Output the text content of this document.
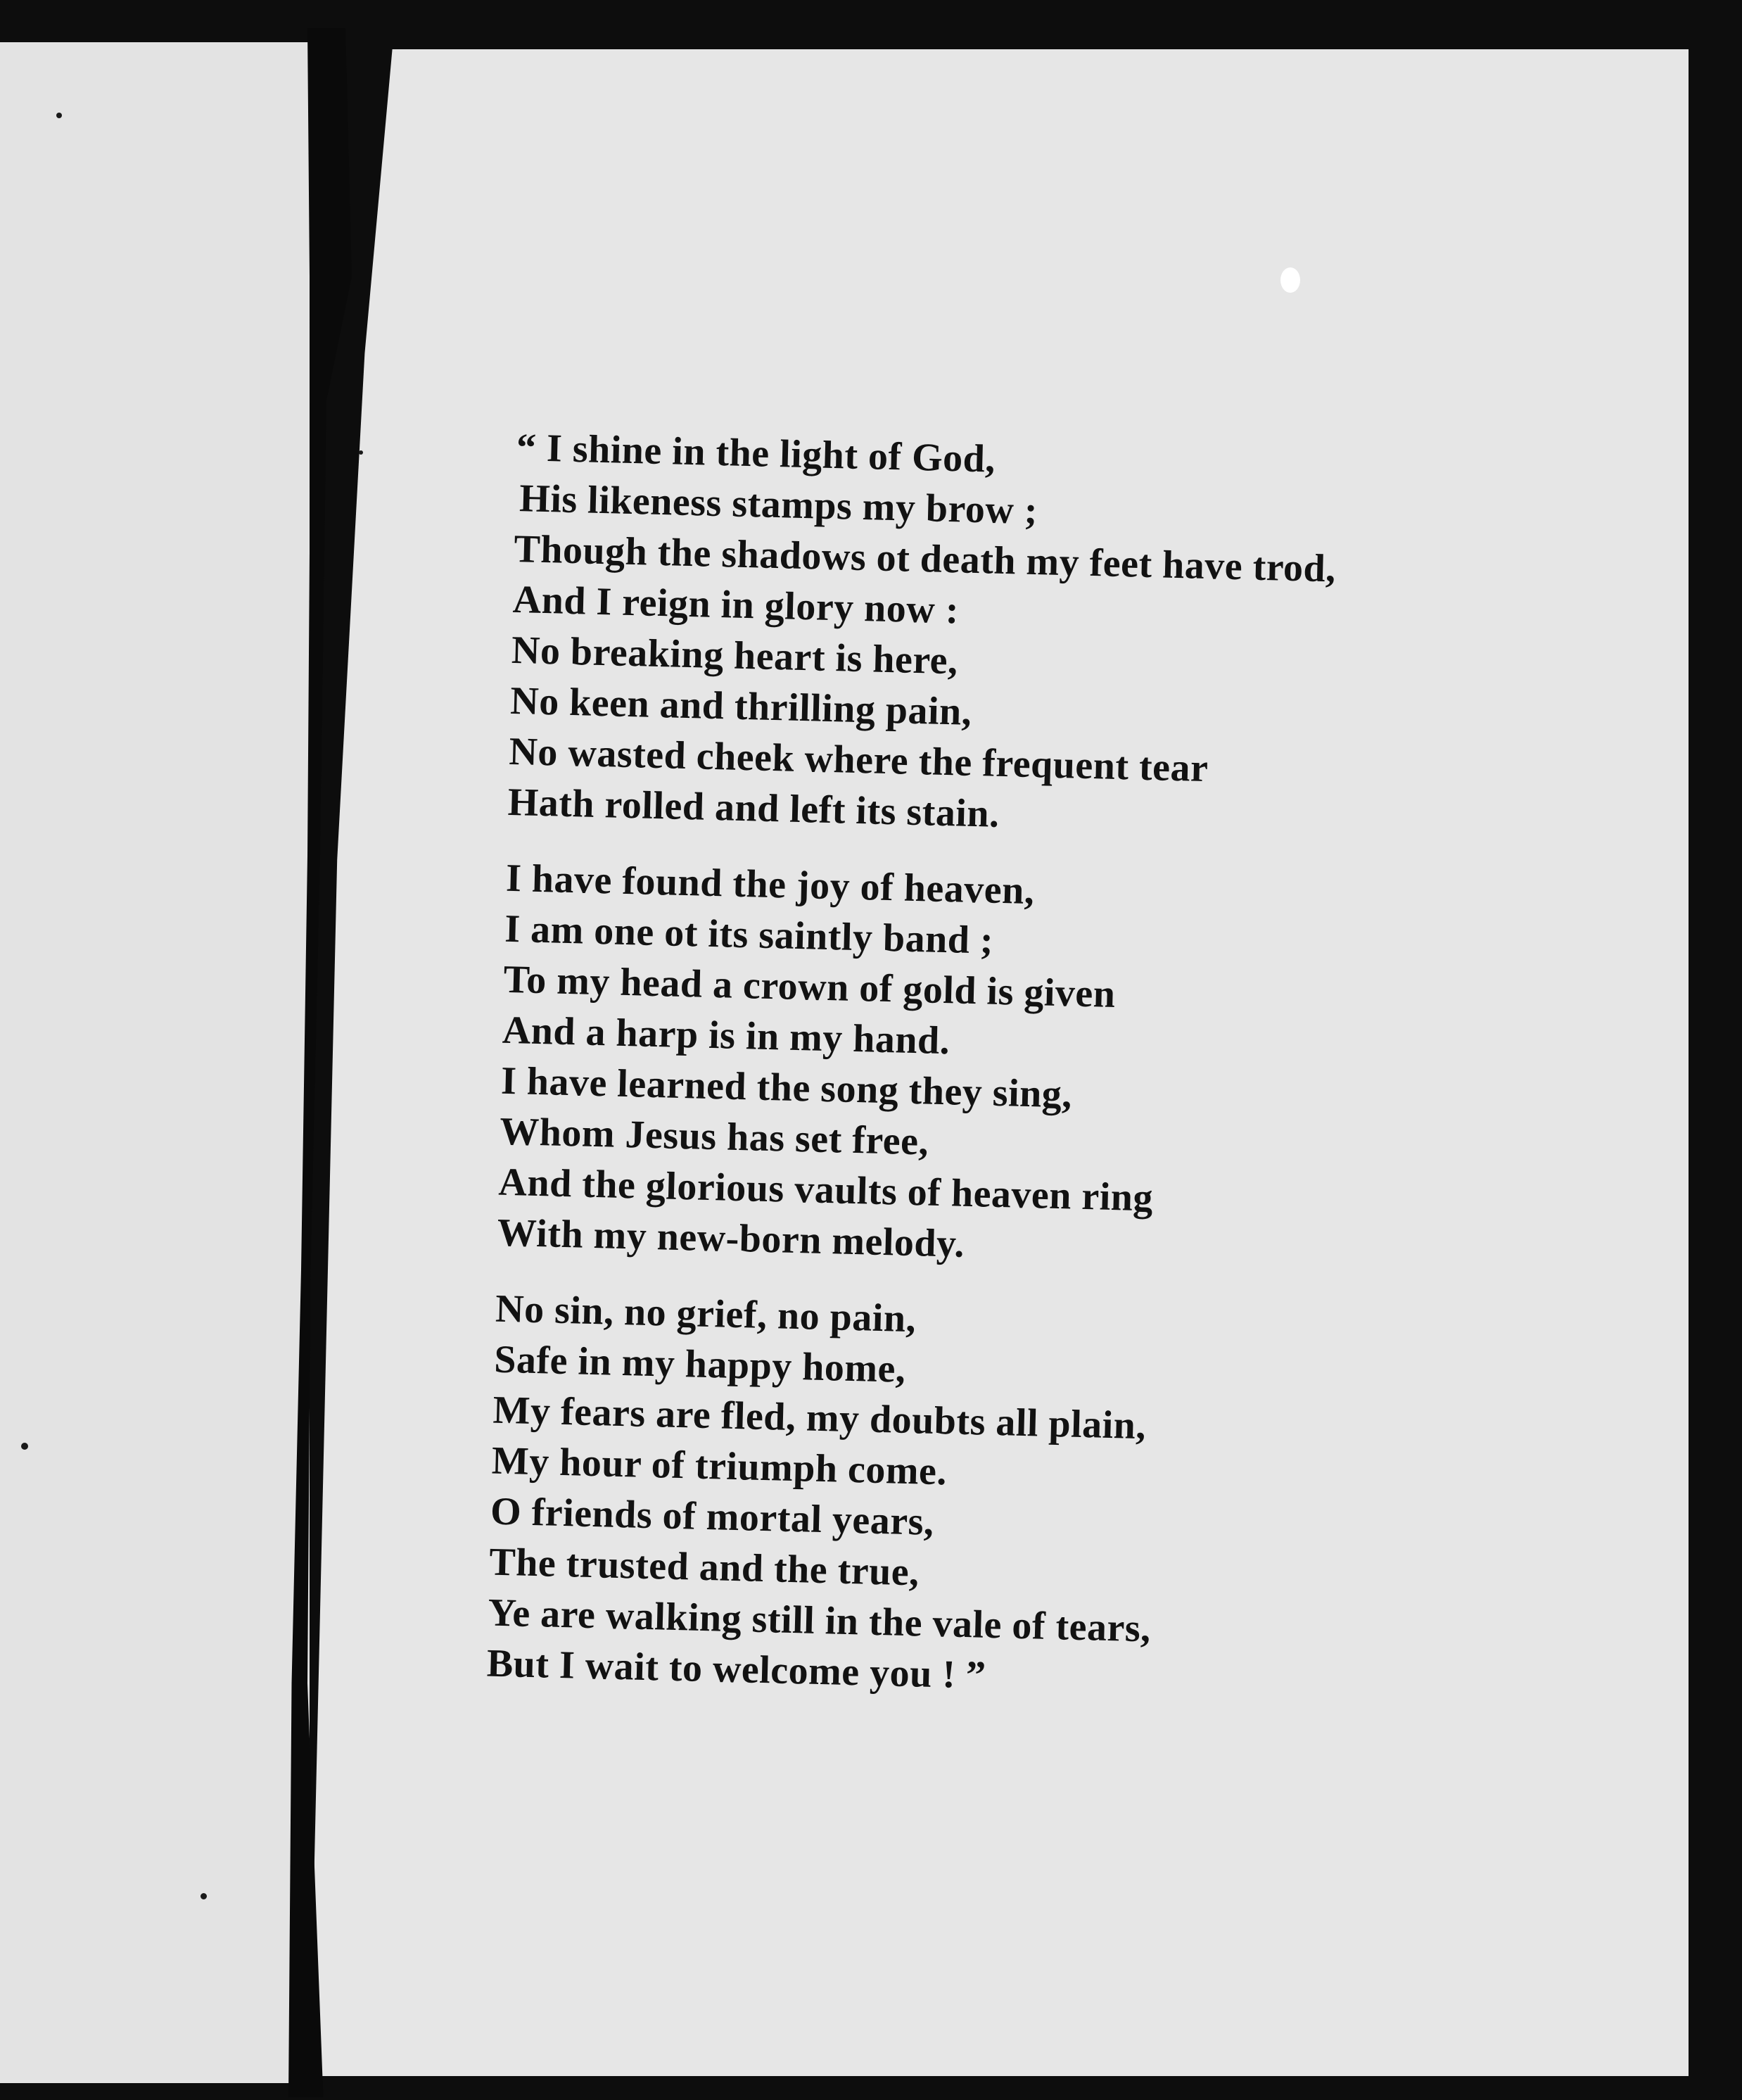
“ I shine in the light of God,
His likeness stamps my brow ;
Though the shadows ot death my feet have trod,
And I reign in glory now :
No breaking heart is here,
No keen and thrilling pain,
No wasted cheek where the frequent tear
Hath rolled and left its stain.
I have found the joy of heaven,
I am one ot its saintly band ;
To my head a crown of gold is given
And a harp is in my hand.
I have learned the song they sing,
Whom Jesus has set free,
And the glorious vaults of heaven ring
With my new-born melody.
No sin, no grief, no pain,
Safe in my happy home,
My fears are fled, my doubts all plain,
My hour of triumph come.
O friends of mortal years,
The trusted and the true,
Ye are walking still in the vale of tears,
But I wait to welcome you ! ”
